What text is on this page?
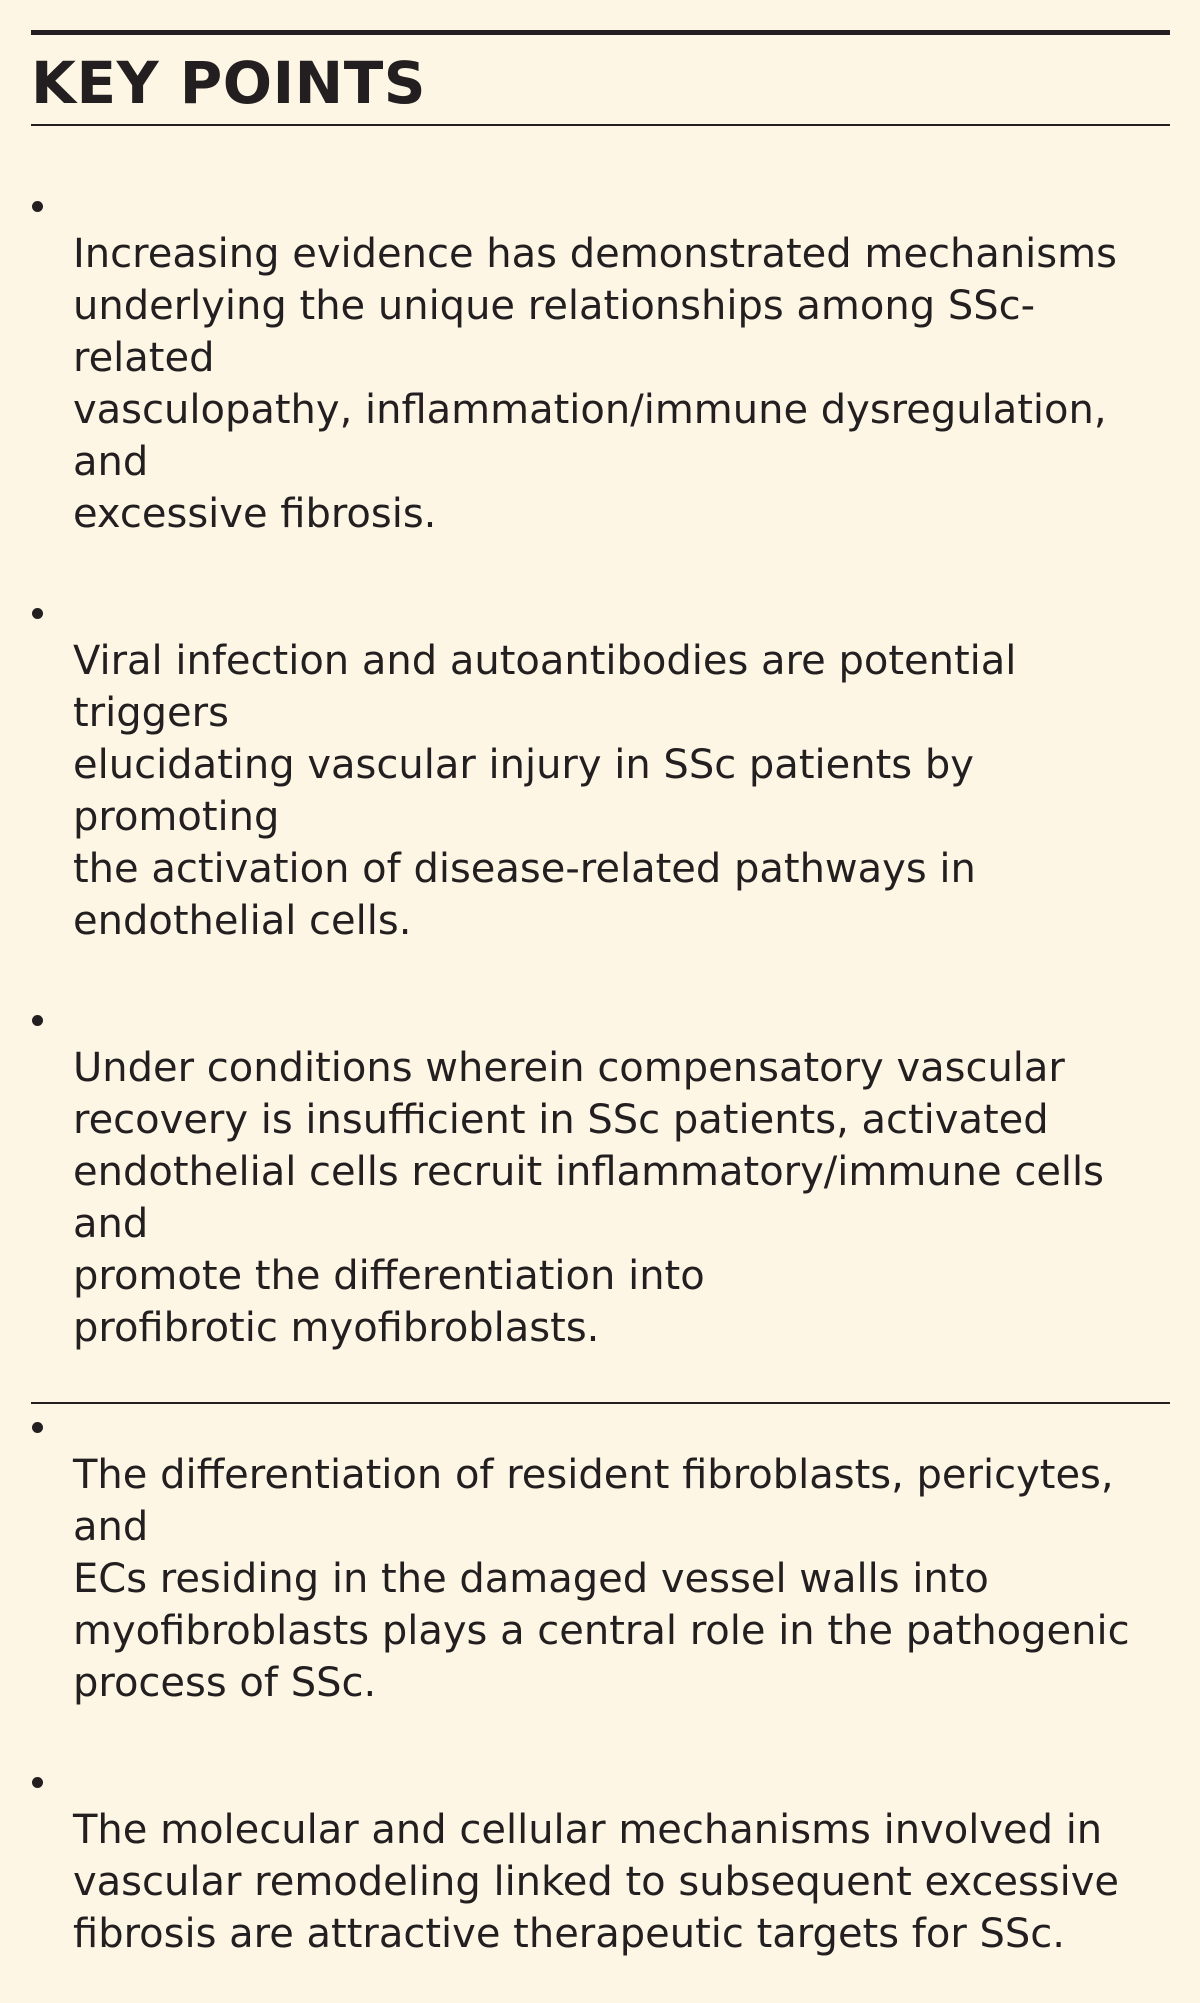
KEY POINTS

Increasing evidence has demonstrated mechanisms
underlying the unique relationships among SSc-related
vasculopathy, inflammation/immune dysregulation, and
excessive fibrosis.

Viral infection and autoantibodies are potential triggers
elucidating vascular injury in SSc patients by promoting
the activation of disease-related pathways in
endothelial cells.

Under conditions wherein compensatory vascular
recovery is insufficient in SSc patients, activated
endothelial cells recruit inflammatory/immune cells and
promote the differentiation into
profibrotic myofibroblasts.

The differentiation of resident fibroblasts, pericytes, and
ECs residing in the damaged vessel walls into
myofibroblasts plays a central role in the pathogenic
process of SSc.

The molecular and cellular mechanisms involved in
vascular remodeling linked to subsequent excessive
fibrosis are attractive therapeutic targets for SSc.
